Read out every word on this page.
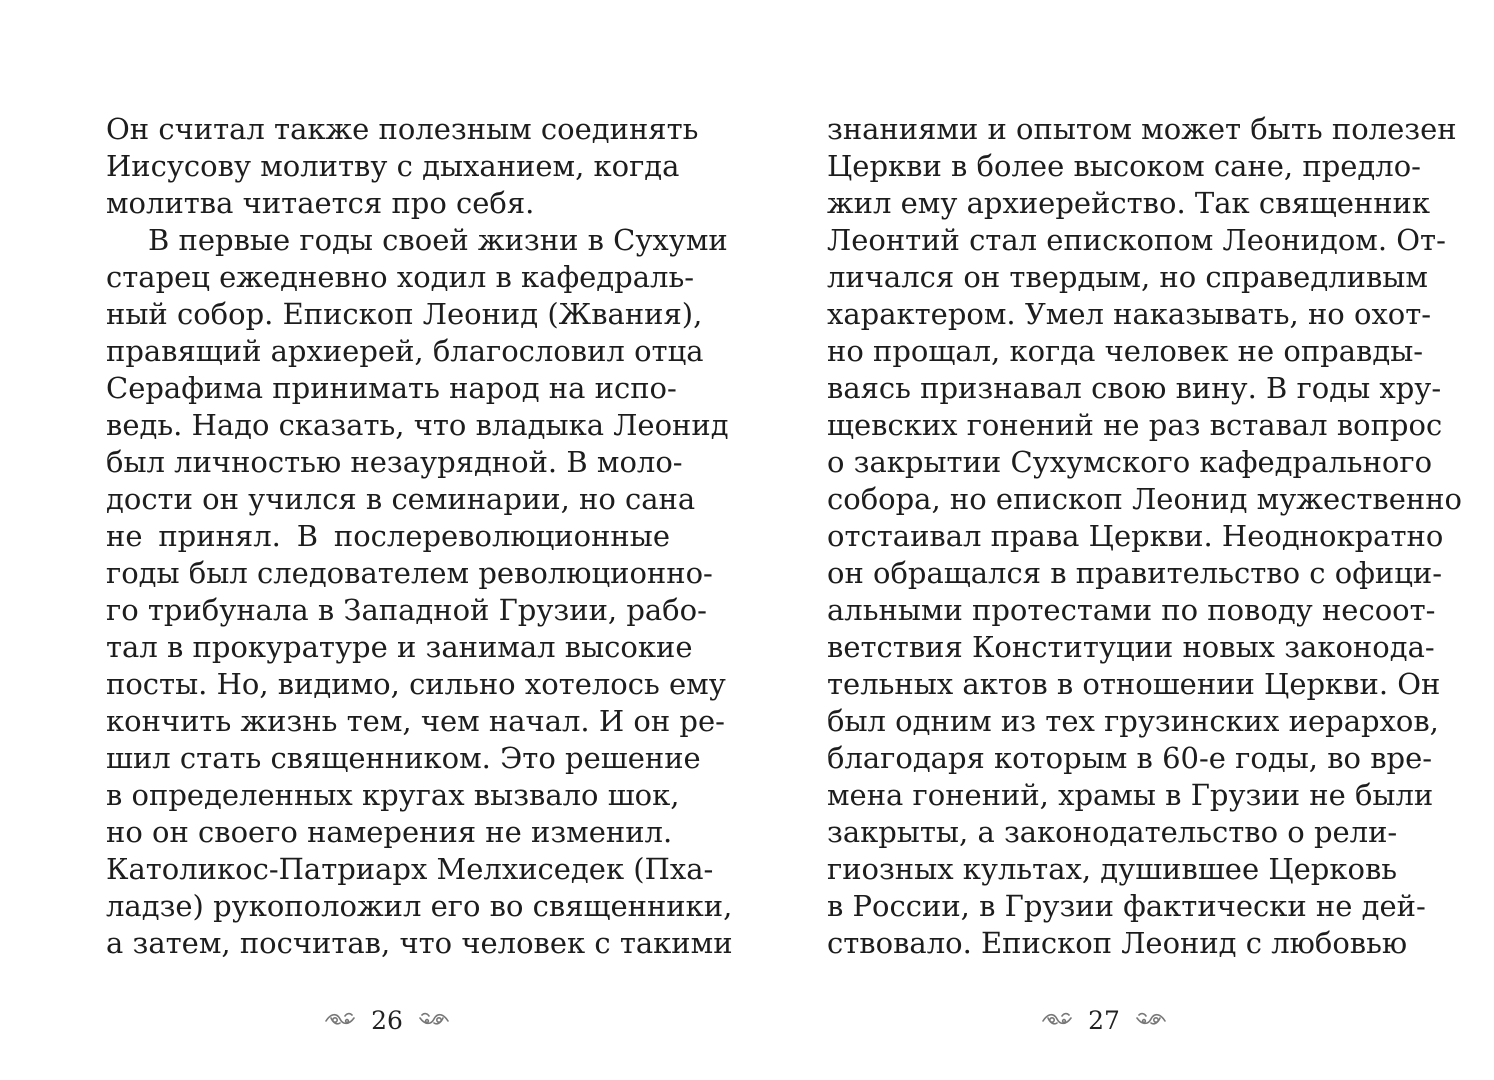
Он считал также полезным соединять
Иисусову молитву с дыханием, когда
молитва читается про себя.
В первые годы своей жизни в Сухуми
старец ежедневно ходил в кафедраль-
ный собор. Епископ Леонид (Жвания),
правящий архиерей, благословил отца
Серафима принимать народ на испо-
ведь. Надо сказать, что владыка Леонид
был личностью незаурядной. В моло-
дости он учился в семинарии, но сана
не принял. В послереволюционные
годы был следователем революционно-
го трибунала в Западной Грузии, рабо-
тал в прокуратуре и занимал высокие
посты. Но, видимо, сильно хотелось ему
кончить жизнь тем, чем начал. И он ре-
шил стать священником. Это решение
в определенных кругах вызвало шок,
но он своего намерения не изменил.
Католикос-Патриарх Мелхиседек (Пха-
ладзе) рукоположил его во священники,
а затем, посчитав, что человек с такими
26
знаниями и опытом может быть полезен
Церкви в более высоком сане, предло-
жил ему архиерейство. Так священник
Леонтий стал епископом Леонидом. От-
личался он твердым, но справедливым
характером. Умел наказывать, но охот-
но прощал, когда человек не оправды-
ваясь признавал свою вину. В годы хру-
щевских гонений не раз вставал вопрос
о закрытии Сухумского кафедрального
собора, но епископ Леонид мужественно
отстаивал права Церкви. Неоднократно
он обращался в правительство с офици-
альными протестами по поводу несоот-
ветствия Конституции новых законода-
тельных актов в отношении Церкви. Он
был одним из тех грузинских иерархов,
благодаря которым в 60-е годы, во вре-
мена гонений, храмы в Грузии не были
закрыты, а законодательство о рели-
гиозных культах, душившее Церковь
в России, в Грузии фактически не дей-
ствовало. Епископ Леонид с любовью
27
